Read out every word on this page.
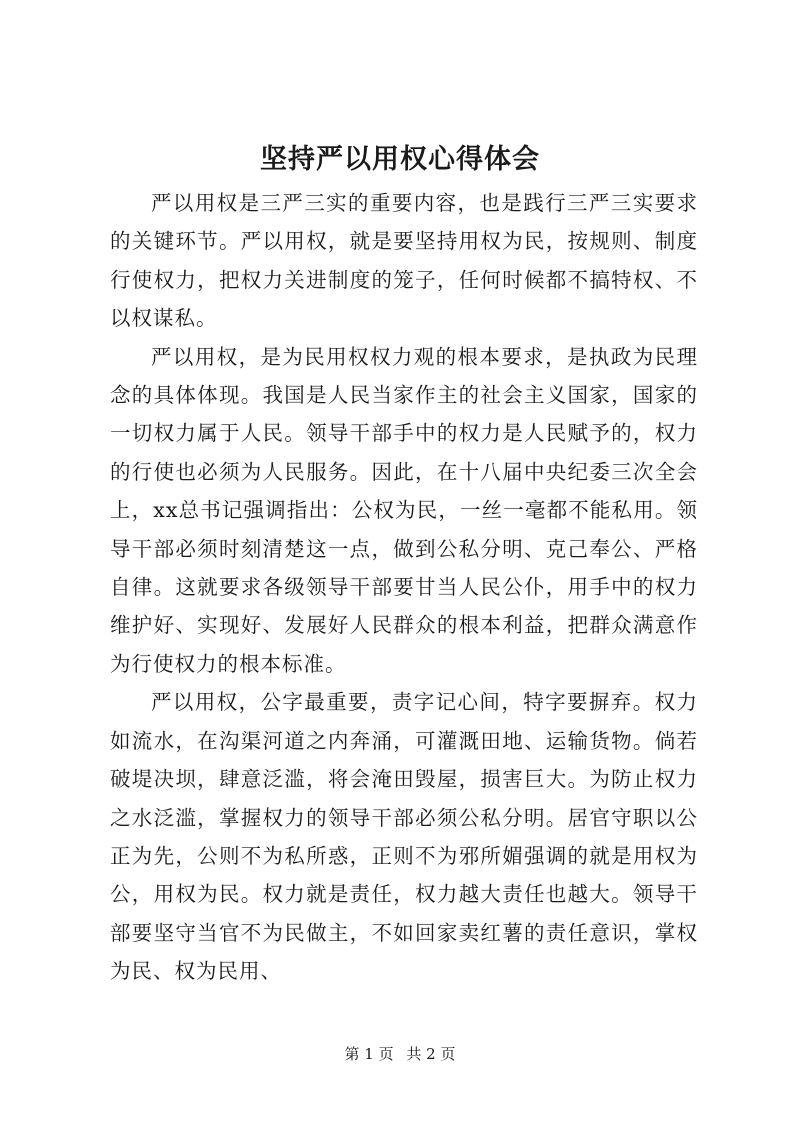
坚持严以用权心得体会

严以用权是三严三实的重要内容，也是践行三严三实要求的关键环节。严以用权，就是要坚持用权为民，按规则、制度行使权力，把权力关进制度的笼子，任何时候都不搞特权、不以权谋私。

严以用权，是为民用权权力观的根本要求，是执政为民理念的具体体现。我国是人民当家作主的社会主义国家，国家的一切权力属于人民。领导干部手中的权力是人民赋予的，权力的行使也必须为人民服务。因此，在十八届中央纪委三次全会上，xx总书记强调指出：公权为民，一丝一毫都不能私用。领导干部必须时刻清楚这一点，做到公私分明、克己奉公、严格自律。这就要求各级领导干部要甘当人民公仆，用手中的权力维护好、实现好、发展好人民群众的根本利益，把群众满意作为行使权力的根本标准。

严以用权，公字最重要，责字记心间，特字要摒弃。权力如流水，在沟渠河道之内奔涌，可灌溉田地、运输货物。倘若破堤决坝，肆意泛滥，将会淹田毁屋，损害巨大。为防止权力之水泛滥，掌握权力的领导干部必须公私分明。居官守职以公正为先，公则不为私所惑，正则不为邪所媚强调的就是用权为公，用权为民。权力就是责任，权力越大责任也越大。领导干部要坚守当官不为民做主，不如回家卖红薯的责任意识，掌权为民、权为民用、

第 1 页 共 2 页
